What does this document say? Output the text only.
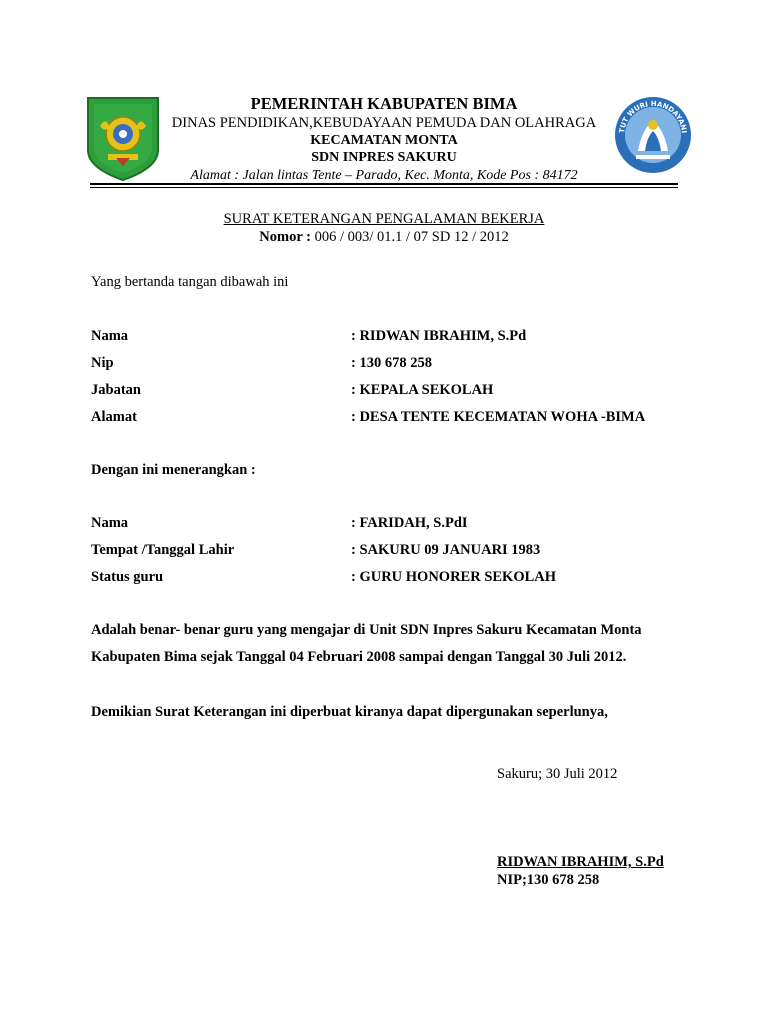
PEMERINTAH KABUPATEN BIMA
DINAS PENDIDIKAN,KEBUDAYAAN PEMUDA DAN OLAHRAGA
KECAMATAN MONTA
SDN INPRES SAKURU
Alamat : Jalan lintas Tente – Parado, Kec. Monta, Kode Pos : 84172
TUT WURI HANDAYANI
SURAT KETERANGAN PENGALAMAN BEKERJA
Nomor : 006 / 003/ 01.1 / 07 SD 12 / 2012
Yang bertanda tangan dibawah ini
Nama	: RIDWAN IBRAHIM, S.Pd
Nip	: 130 678 258
Jabatan	: KEPALA SEKOLAH
Alamat	: DESA TENTE KECEMATAN WOHA -BIMA
Dengan ini menerangkan :
Nama	: FARIDAH, S.PdI
Tempat /Tanggal Lahir	: SAKURU 09 JANUARI 1983
Status guru	: GURU HONORER SEKOLAH
Adalah benar- benar guru yang mengajar di Unit SDN Inpres Sakuru Kecamatan Monta
Kabupaten Bima sejak Tanggal 04 Februari 2008 sampai dengan Tanggal 30 Juli 2012.
Demikian Surat Keterangan ini diperbuat kiranya dapat dipergunakan seperlunya,
Sakuru; 30 Juli 2012
RIDWAN IBRAHIM, S.Pd
NIP;130 678 258
